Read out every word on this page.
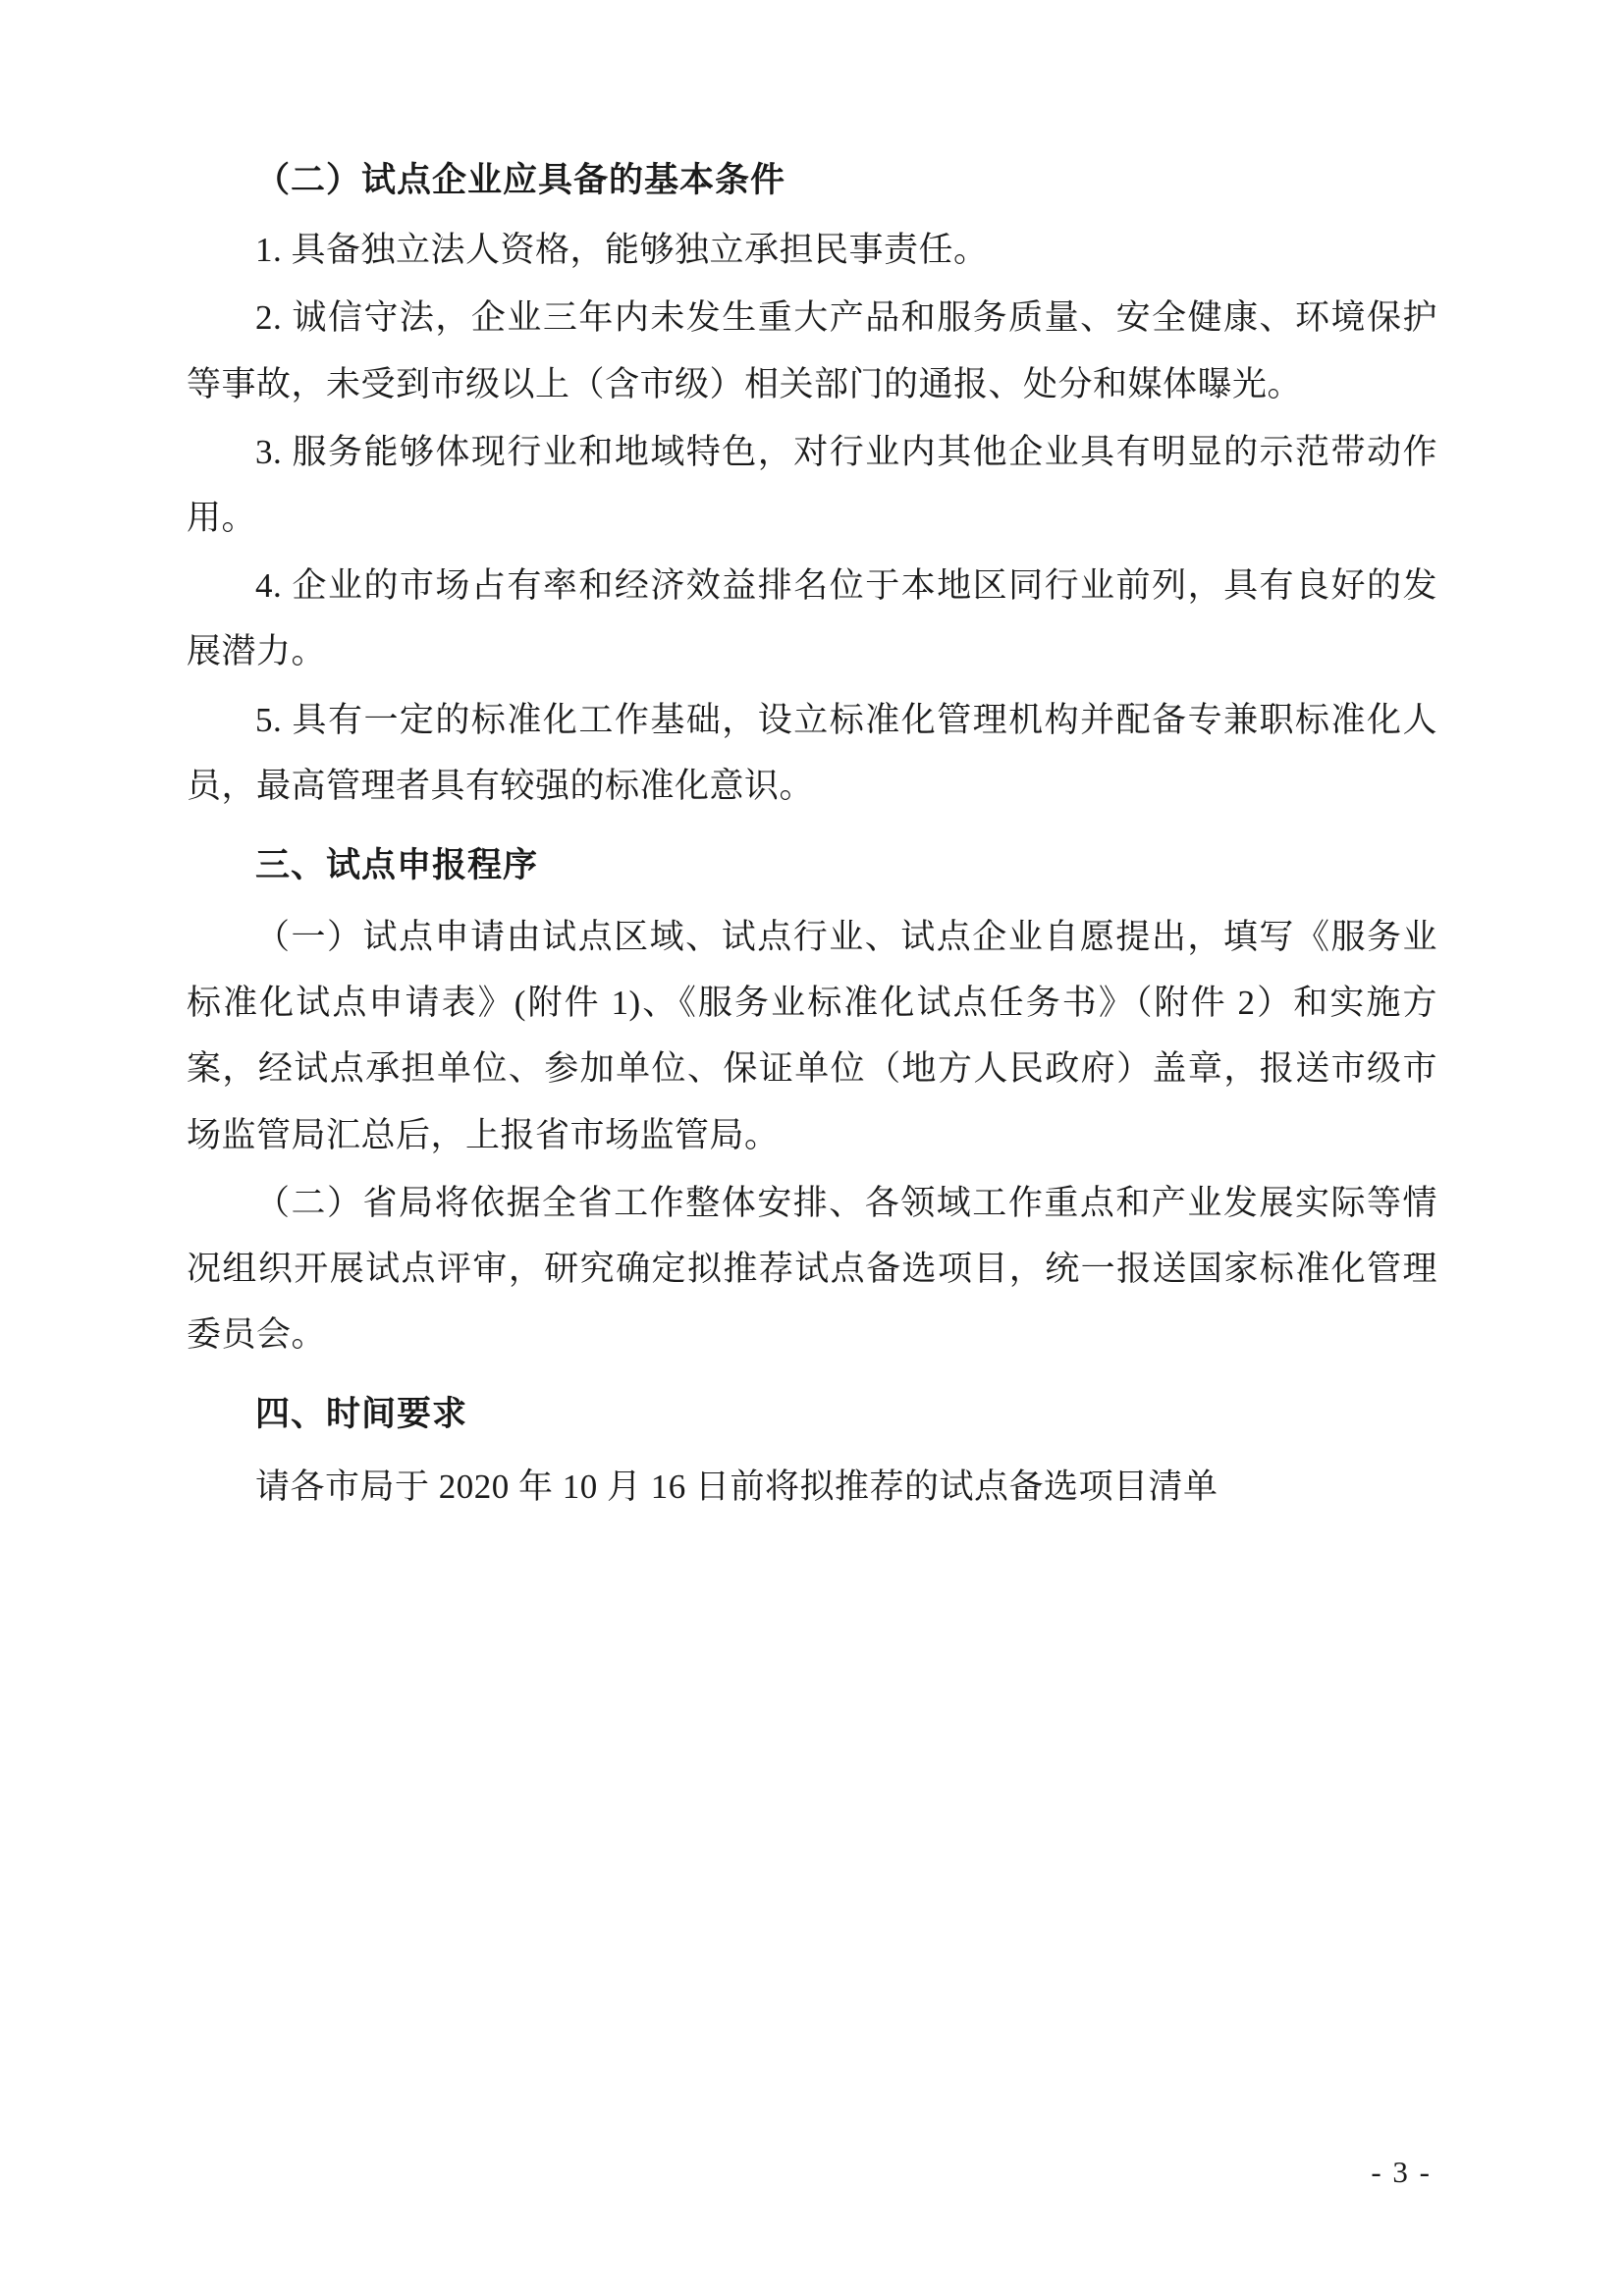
（二）试点企业应具备的基本条件

1. 具备独立法人资格，能够独立承担民事责任。

2. 诚信守法，企业三年内未发生重大产品和服务质量、安全健康、环境保护等事故，未受到市级以上（含市级）相关部门的通报、处分和媒体曝光。

3. 服务能够体现行业和地域特色，对行业内其他企业具有明显的示范带动作用。

4. 企业的市场占有率和经济效益排名位于本地区同行业前列，具有良好的发展潜力。

5. 具有一定的标准化工作基础，设立标准化管理机构并配备专兼职标准化人员，最高管理者具有较强的标准化意识。

三、试点申报程序

（一）试点申请由试点区域、试点行业、试点企业自愿提出，填写《服务业标准化试点申请表》(附件 1)、《服务业标准化试点任务书》（附件 2）和实施方案，经试点承担单位、参加单位、保证单位（地方人民政府）盖章，报送市级市场监管局汇总后，上报省市场监管局。

（二）省局将依据全省工作整体安排、各领域工作重点和产业发展实际等情况组织开展试点评审，研究确定拟推荐试点备选项目，统一报送国家标准化管理委员会。

四、时间要求

请各市局于 2020 年 10 月 16 日前将拟推荐的试点备选项目清单

- 3 -
